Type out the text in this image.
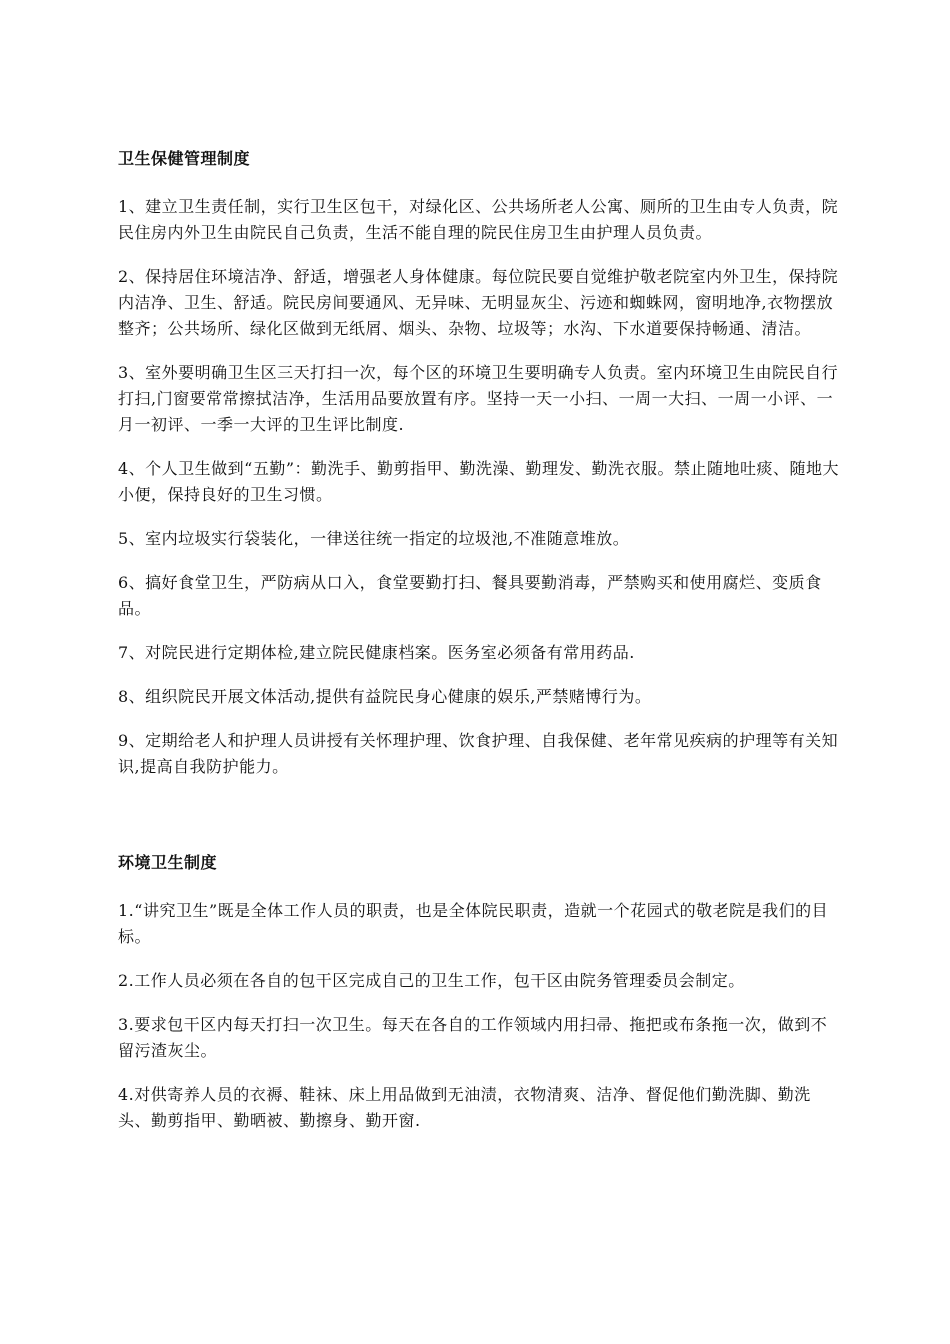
卫生保健管理制度

1、建立卫生责任制，实行卫生区包干，对绿化区、公共场所老人公寓、厕所的卫生由专人负责，院民住房内外卫生由院民自己负责，生活不能自理的院民住房卫生由护理人员负责。

2、保持居住环境洁净、舒适，增强老人身体健康。每位院民要自觉维护敬老院室内外卫生，保持院内洁净、卫生、舒适。院民房间要通风、无异味、无明显灰尘、污迹和蜘蛛网，窗明地净,衣物摆放整齐；公共场所、绿化区做到无纸屑、烟头、杂物、垃圾等；水沟、下水道要保持畅通、清洁。

3、室外要明确卫生区三天打扫一次，每个区的环境卫生要明确专人负责。室内环境卫生由院民自行打扫,门窗要常常擦拭洁净，生活用品要放置有序。坚持一天一小扫、一周一大扫、一周一小评、一月一初评、一季一大评的卫生评比制度.

4、个人卫生做到“五勤”：勤洗手、勤剪指甲、勤洗澡、勤理发、勤洗衣服。禁止随地吐痰、随地大小便，保持良好的卫生习惯。

5、室内垃圾实行袋装化，一律送往统一指定的垃圾池,不准随意堆放。

6、搞好食堂卫生，严防病从口入，食堂要勤打扫、餐具要勤消毒，严禁购买和使用腐烂、变质食品。

7、对院民进行定期体检,建立院民健康档案。医务室必须备有常用药品.

8、组织院民开展文体活动,提供有益院民身心健康的娱乐,严禁赌博行为。

9、定期给老人和护理人员讲授有关怀理护理、饮食护理、自我保健、老年常见疾病的护理等有关知识,提高自我防护能力。

环境卫生制度

1.“讲究卫生”既是全体工作人员的职责，也是全体院民职责，造就一个花园式的敬老院是我们的目标。

2.工作人员必须在各自的包干区完成自己的卫生工作，包干区由院务管理委员会制定。

3.要求包干区内每天打扫一次卫生。每天在各自的工作领域内用扫帚、拖把或布条拖一次，做到不留污渣灰尘。

4.对供寄养人员的衣褥、鞋袜、床上用品做到无油渍，衣物清爽、洁净、督促他们勤洗脚、勤洗头、勤剪指甲、勤晒被、勤擦身、勤开窗.
